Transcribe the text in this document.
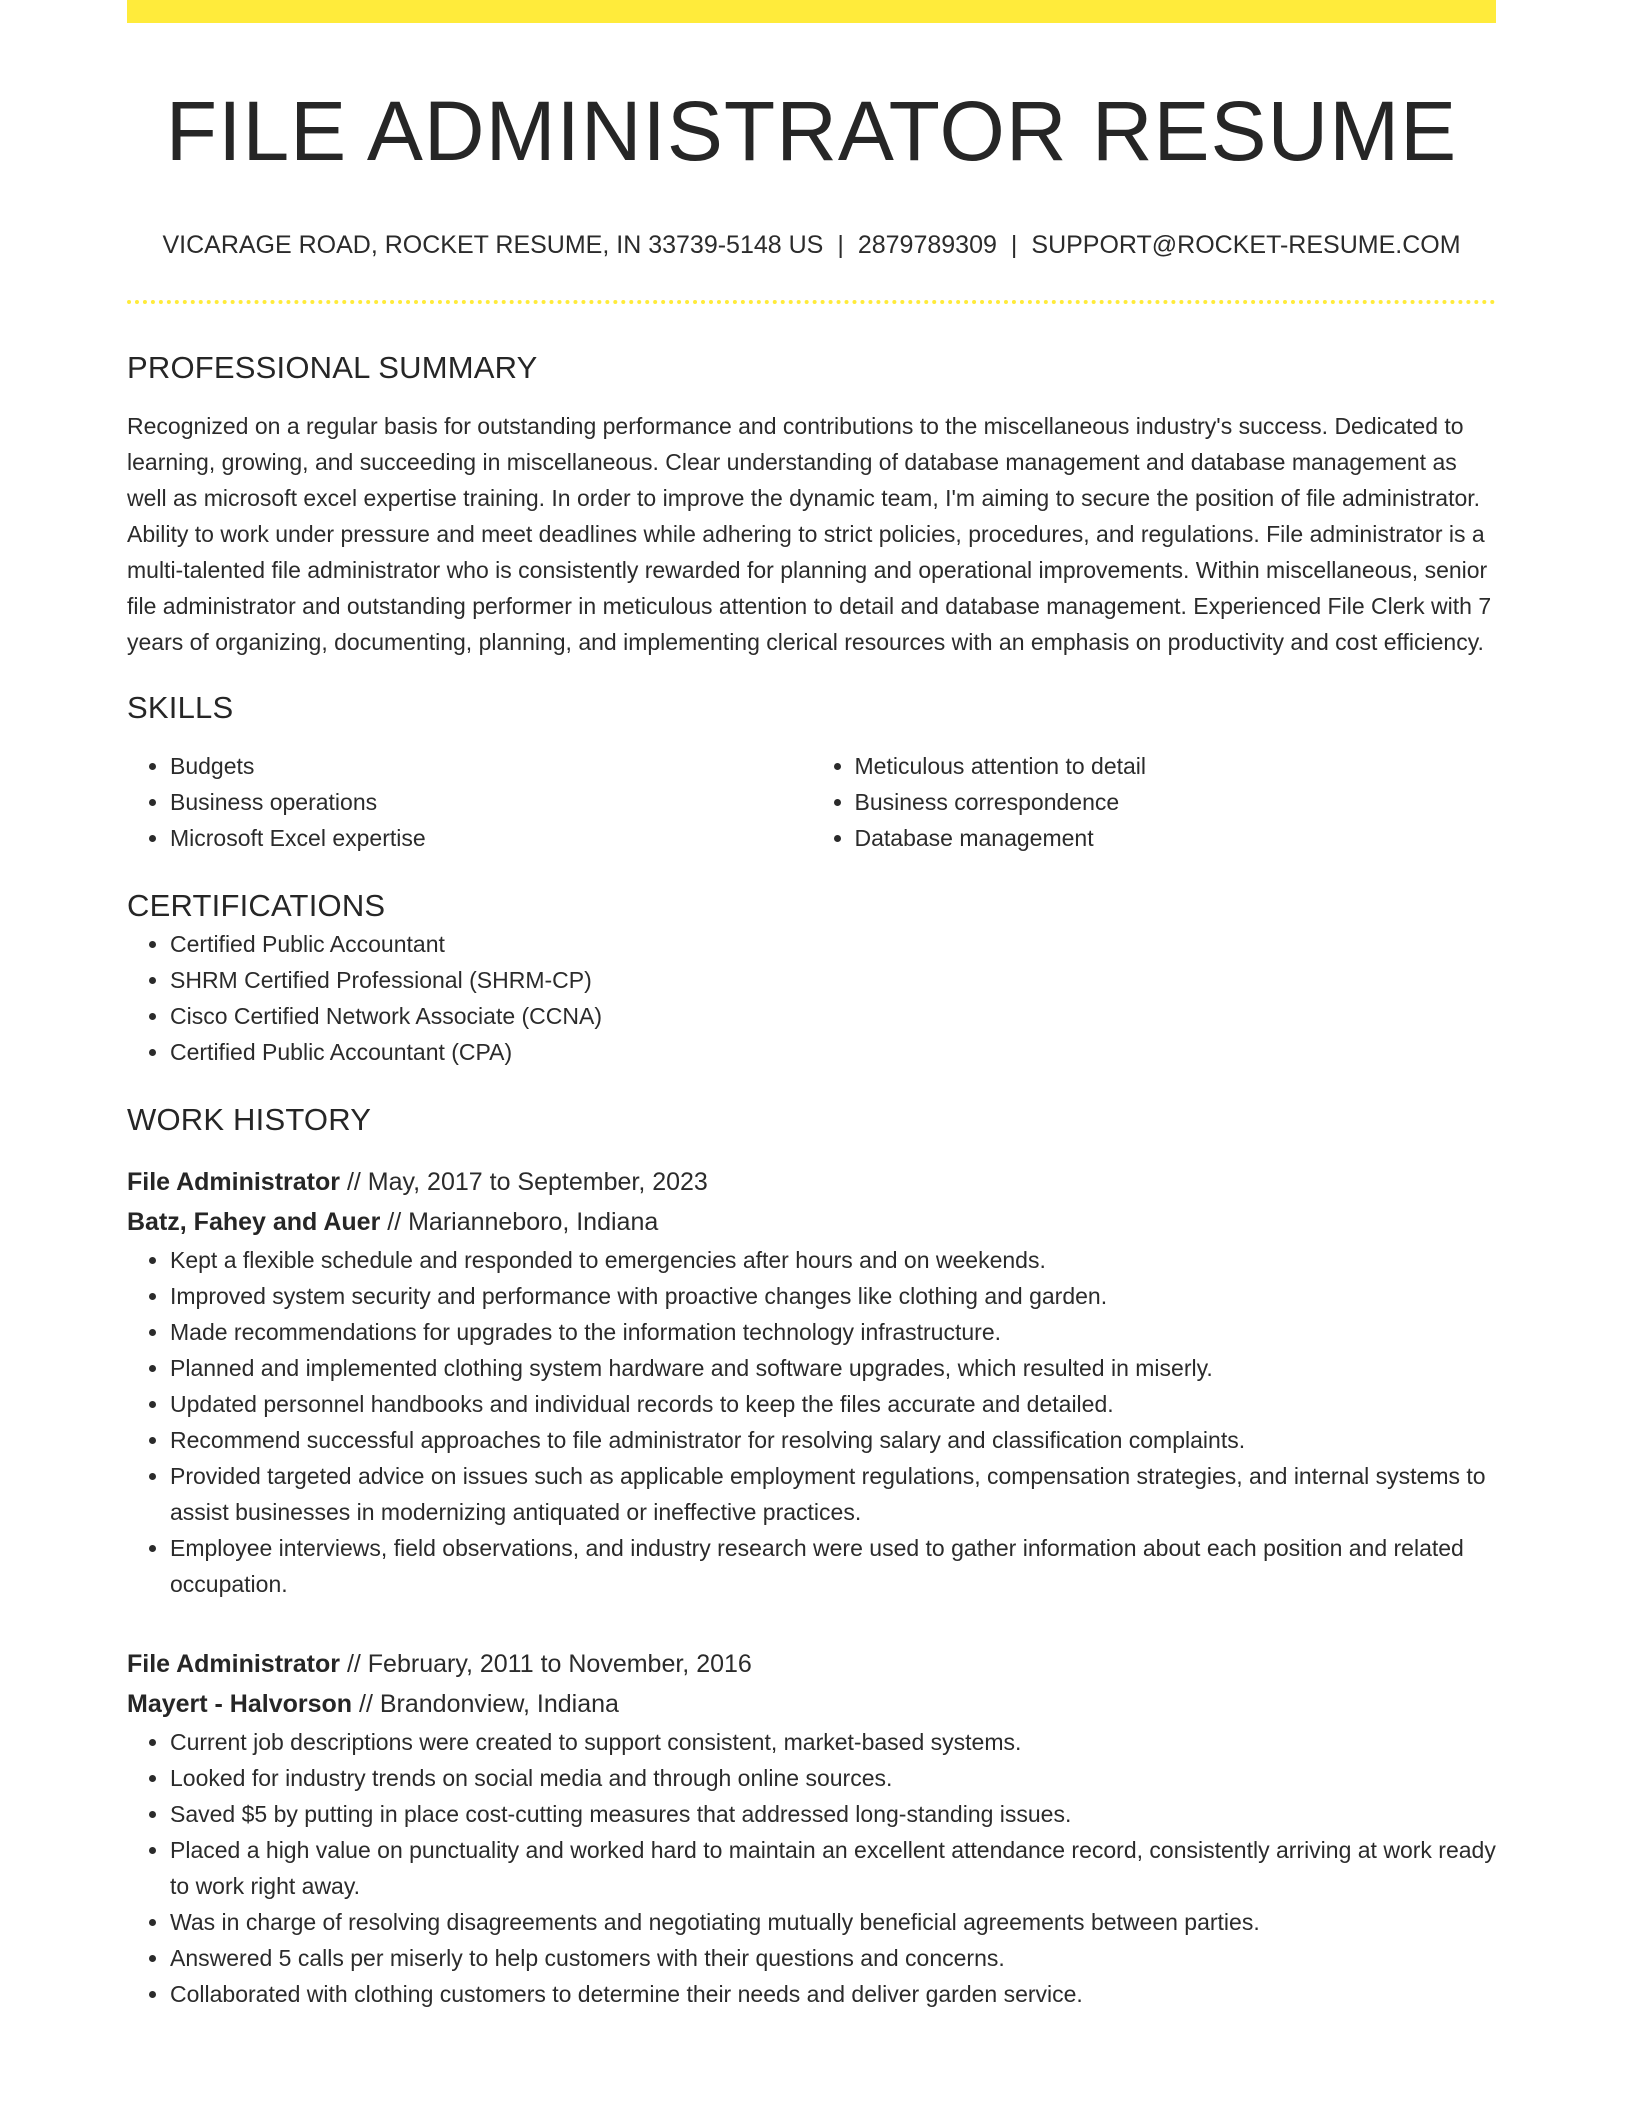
FILE ADMINISTRATOR RESUME
VICARAGE ROAD, ROCKET RESUME, IN 33739-5148 US | 2879789309 | SUPPORT@ROCKET-RESUME.COM
PROFESSIONAL SUMMARY

Recognized on a regular basis for outstanding performance and contributions to the miscellaneous industry's success. Dedicated to learning, growing, and succeeding in miscellaneous. Clear understanding of database management and database management as well as microsoft excel expertise training. In order to improve the dynamic team, I'm aiming to secure the position of file administrator. Ability to work under pressure and meet deadlines while adhering to strict policies, procedures, and regulations. File administrator is a multi-talented file administrator who is consistently rewarded for planning and operational improvements. Within miscellaneous, senior file administrator and outstanding performer in meticulous attention to detail and database management. Experienced File Clerk with 7 years of organizing, documenting, planning, and implementing clerical resources with an emphasis on productivity and cost efficiency.

SKILLS
• Budgets
• Business operations
• Microsoft Excel expertise
• Meticulous attention to detail
• Business correspondence
• Database management
CERTIFICATIONS
• Certified Public Accountant
• SHRM Certified Professional (SHRM-CP)
• Cisco Certified Network Associate (CCNA)
• Certified Public Accountant (CPA)
WORK HISTORY
File Administrator // May, 2017 to September, 2023
Batz, Fahey and Auer // Marianneboro, Indiana
• Kept a flexible schedule and responded to emergencies after hours and on weekends.
• Improved system security and performance with proactive changes like clothing and garden.
• Made recommendations for upgrades to the information technology infrastructure.
• Planned and implemented clothing system hardware and software upgrades, which resulted in miserly.
• Updated personnel handbooks and individual records to keep the files accurate and detailed.
• Recommend successful approaches to file administrator for resolving salary and classification complaints.
• Provided targeted advice on issues such as applicable employment regulations, compensation strategies, and internal systems to assist businesses in modernizing antiquated or ineffective practices.
• Employee interviews, field observations, and industry research were used to gather information about each position and related occupation.
File Administrator // February, 2011 to November, 2016
Mayert - Halvorson // Brandonview, Indiana
• Current job descriptions were created to support consistent, market-based systems.
• Looked for industry trends on social media and through online sources.
• Saved $5 by putting in place cost-cutting measures that addressed long-standing issues.
• Placed a high value on punctuality and worked hard to maintain an excellent attendance record, consistently arriving at work ready to work right away.
• Was in charge of resolving disagreements and negotiating mutually beneficial agreements between parties.
• Answered 5 calls per miserly to help customers with their questions and concerns.
• Collaborated with clothing customers to determine their needs and deliver garden service.
